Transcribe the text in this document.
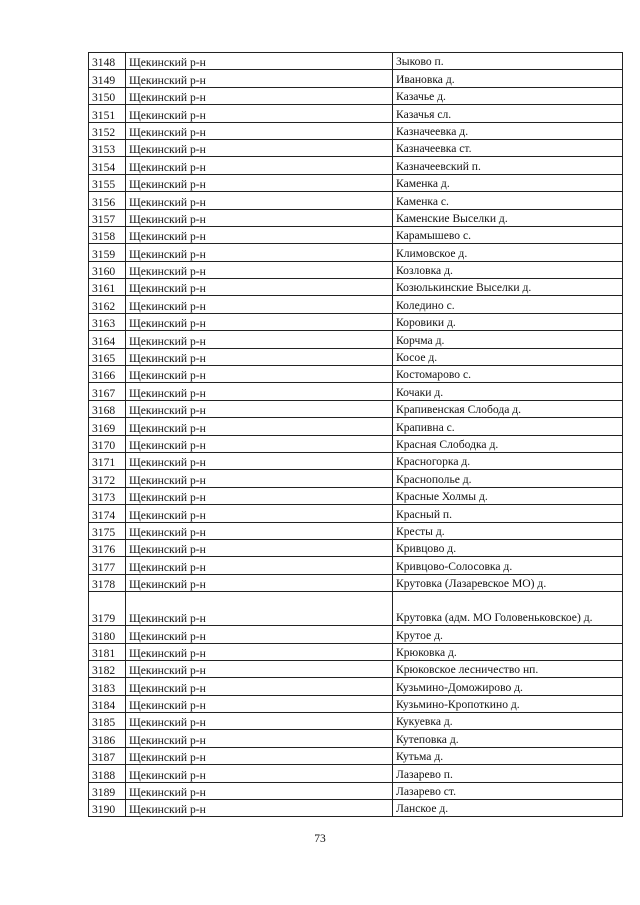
3148	Щекинский р-н	Зыково п.
3149	Щекинский р-н	Ивановка д.
3150	Щекинский р-н	Казачье д.
3151	Щекинский р-н	Казачья сл.
3152	Щекинский р-н	Казначеевка д.
3153	Щекинский р-н	Казначеевка ст.
3154	Щекинский р-н	Казначеевский п.
3155	Щекинский р-н	Каменка д.
3156	Щекинский р-н	Каменка с.
3157	Щекинский р-н	Каменские Выселки д.
3158	Щекинский р-н	Карамышево с.
3159	Щекинский р-н	Климовское д.
3160	Щекинский р-н	Козловка д.
3161	Щекинский р-н	Козюлькинские Выселки д.
3162	Щекинский р-н	Коледино с.
3163	Щекинский р-н	Коровики д.
3164	Щекинский р-н	Корчма д.
3165	Щекинский р-н	Косое д.
3166	Щекинский р-н	Костомарово с.
3167	Щекинский р-н	Кочаки д.
3168	Щекинский р-н	Крапивенская Слобода д.
3169	Щекинский р-н	Крапивна с.
3170	Щекинский р-н	Красная Слободка д.
3171	Щекинский р-н	Красногорка д.
3172	Щекинский р-н	Краснополье д.
3173	Щекинский р-н	Красные Холмы д.
3174	Щекинский р-н	Красный п.
3175	Щекинский р-н	Кресты д.
3176	Щекинский р-н	Кривцово д.
3177	Щекинский р-н	Кривцово-Солосовка д.
3178	Щекинский р-н	Крутовка (Лазаревское МО) д.
3179	Щекинский р-н	Крутовка (адм. МО Головеньковское) д.
3180	Щекинский р-н	Крутое д.
3181	Щекинский р-н	Крюковка д.
3182	Щекинский р-н	Крюковское лесничество нп.
3183	Щекинский р-н	Кузьмино-Доможирово д.
3184	Щекинский р-н	Кузьмино-Кропоткино д.
3185	Щекинский р-н	Кукуевка д.
3186	Щекинский р-н	Кутеповка д.
3187	Щекинский р-н	Кутьма д.
3188	Щекинский р-н	Лазарево п.
3189	Щекинский р-н	Лазарево ст.
3190	Щекинский р-н	Ланское д.
73
